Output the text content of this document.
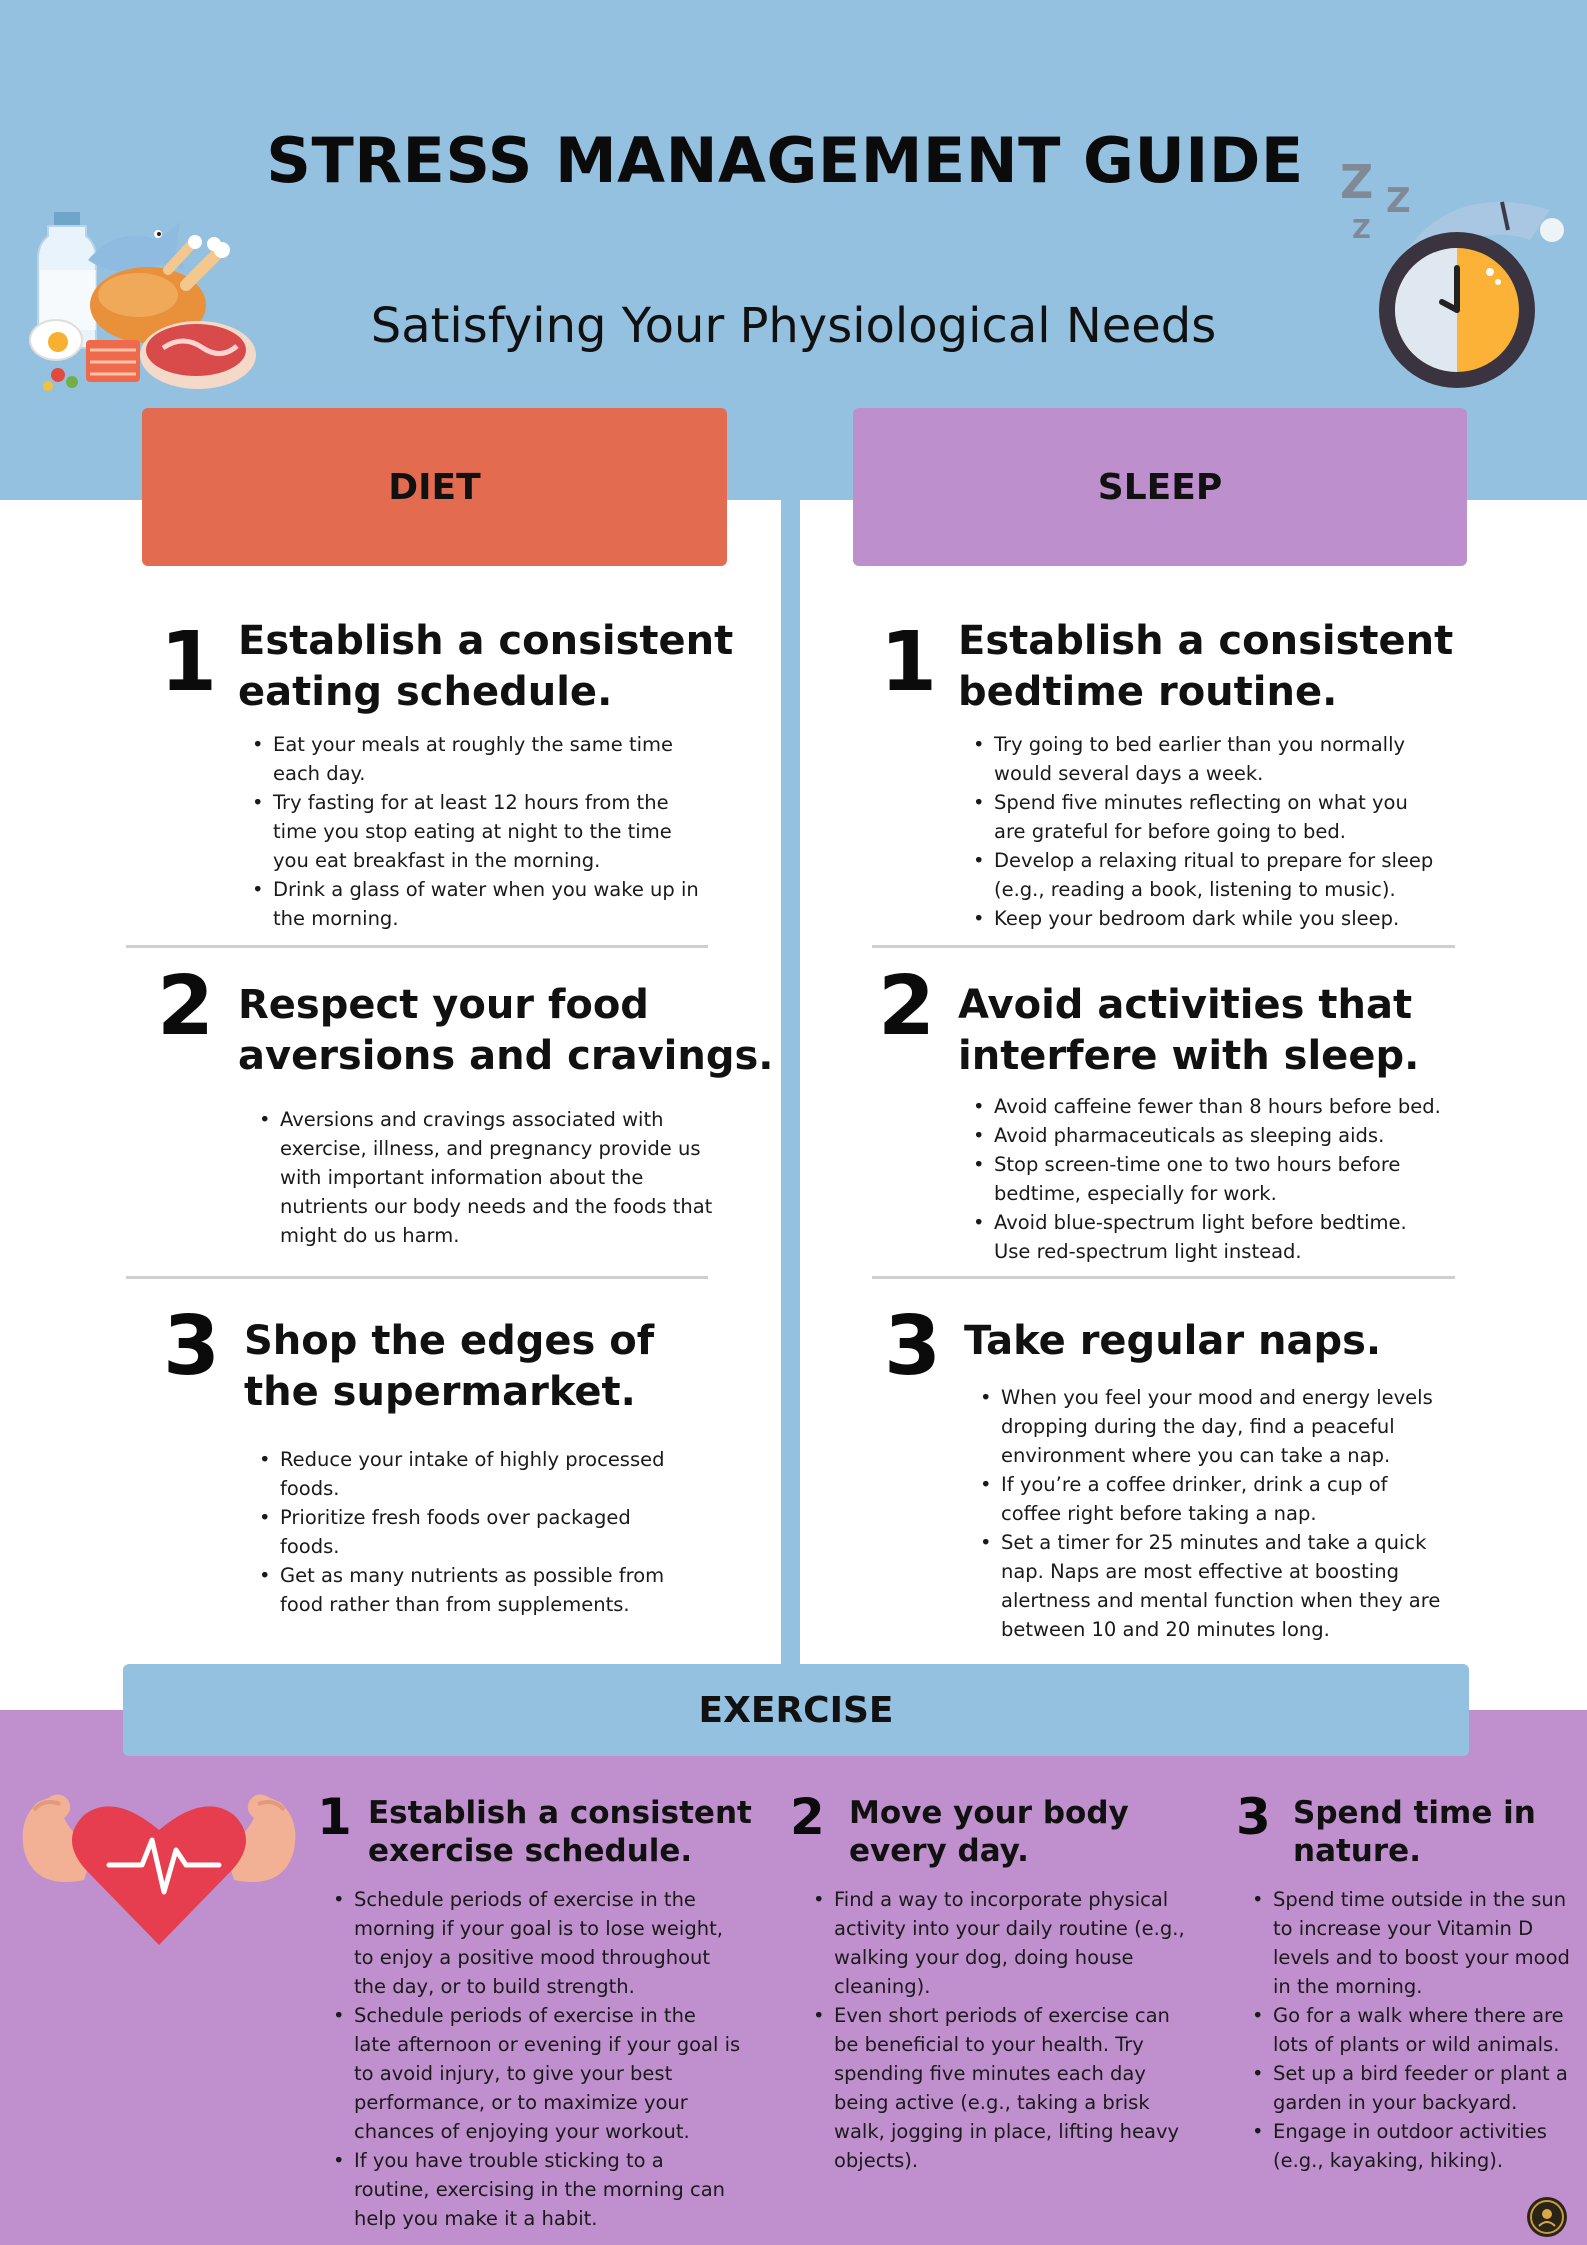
STRESS MANAGEMENT GUIDE
Satisfying Your Physiological Needs
Z Z
Z
DIET	SLEEP
1 Establish a consistent
eating schedule.
• Eat your meals at roughly the same time
each day.
• Try fasting for at least 12 hours from the
time you stop eating at night to the time
you eat breakfast in the morning.
• Drink a glass of water when you wake up in
the morning.
2 Respect your food
aversions and cravings.
• Aversions and cravings associated with
exercise, illness, and pregnancy provide us
with important information about the
nutrients our body needs and the foods that
might do us harm.
3 Shop the edges of
the supermarket.
• Reduce your intake of highly processed
foods.
• Prioritize fresh foods over packaged
foods.
• Get as many nutrients as possible from
food rather than from supplements.
1 Establish a consistent
bedtime routine.
• Try going to bed earlier than you normally
would several days a week.
• Spend five minutes reflecting on what you
are grateful for before going to bed.
• Develop a relaxing ritual to prepare for sleep
(e.g., reading a book, listening to music).
• Keep your bedroom dark while you sleep.
2 Avoid activities that
interfere with sleep.
• Avoid caffeine fewer than 8 hours before bed.
• Avoid pharmaceuticals as sleeping aids.
• Stop screen-time one to two hours before
bedtime, especially for work.
• Avoid blue-spectrum light before bedtime.
Use red-spectrum light instead.
3 Take regular naps.
• When you feel your mood and energy levels
dropping during the day, find a peaceful
environment where you can take a nap.
• If you’re a coffee drinker, drink a cup of
coffee right before taking a nap.
• Set a timer for 25 minutes and take a quick
nap. Naps are most effective at boosting
alertness and mental function when they are
between 10 and 20 minutes long.
EXERCISE
1 Establish a consistent
exercise schedule.
• Schedule periods of exercise in the
morning if your goal is to lose weight,
to enjoy a positive mood throughout
the day, or to build strength.
• Schedule periods of exercise in the
late afternoon or evening if your goal is
to avoid injury, to give your best
performance, or to maximize your
chances of enjoying your workout.
• If you have trouble sticking to a
routine, exercising in the morning can
help you make it a habit.
2 Move your body
every day.
• Find a way to incorporate physical
activity into your daily routine (e.g.,
walking your dog, doing house
cleaning).
• Even short periods of exercise can
be beneficial to your health. Try
spending five minutes each day
being active (e.g., taking a brisk
walk, jogging in place, lifting heavy
objects).
3 Spend time in
nature.
• Spend time outside in the sun
to increase your Vitamin D
levels and to boost your mood
in the morning.
• Go for a walk where there are
lots of plants or wild animals.
• Set up a bird feeder or plant a
garden in your backyard.
• Engage in outdoor activities
(e.g., kayaking, hiking).
